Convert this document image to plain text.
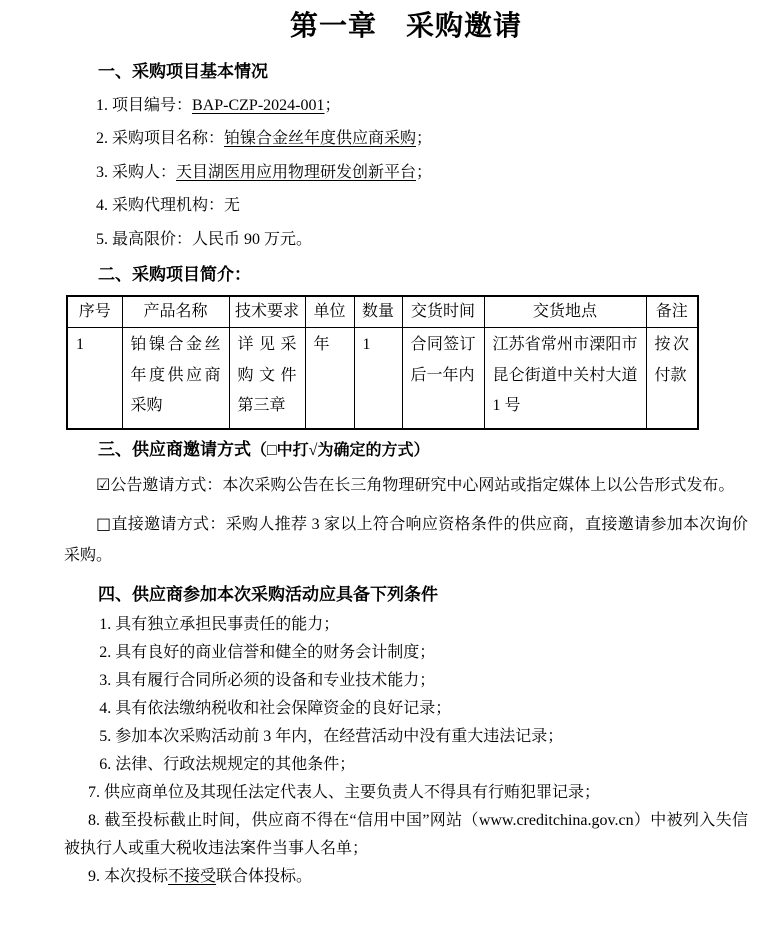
第一章　采购邀请
一、采购项目基本情况

1. 项目编号：BAP-CZP-2024-001；

2. 采购项目名称：铂镍合金丝年度供应商采购；

3. 采购人：天目湖医用应用物理研发创新平台；

4. 采购代理机构：无

5. 最高限价：人民币 90 万元。

二、采购项目简介：
序号	产品名称	技术要求	单位	数量	交货时间	交货地点	备注
1	铂镍合金丝年度供应商采购	详见采购文件第三章	年	1	合同签订后一年内	江苏省常州市溧阳市昆仑街道中关村大道 1 号	按次付款
三、供应商邀请方式（□中打√为确定的方式）

☑公告邀请方式：本次采购公告在长三角物理研究中心网站或指定媒体上以公告形式发布。

□直接邀请方式：采购人推荐 3 家以上符合响应资格条件的供应商，直接邀请参加本次询价采购。

四、供应商参加本次采购活动应具备下列条件

1. 具有独立承担民事责任的能力；

2. 具有良好的商业信誉和健全的财务会计制度；

3. 具有履行合同所必须的设备和专业技术能力；

4. 具有依法缴纳税收和社会保障资金的良好记录；

5. 参加本次采购活动前 3 年内，在经营活动中没有重大违法记录；

6. 法律、行政法规规定的其他条件；

7. 供应商单位及其现任法定代表人、主要负责人不得具有行贿犯罪记录；

8. 截至投标截止时间，供应商不得在“信用中国”网站（www.creditchina.gov.cn）中被列入失信被执行人或重大税收违法案件当事人名单；

9. 本次投标不接受联合体投标。
